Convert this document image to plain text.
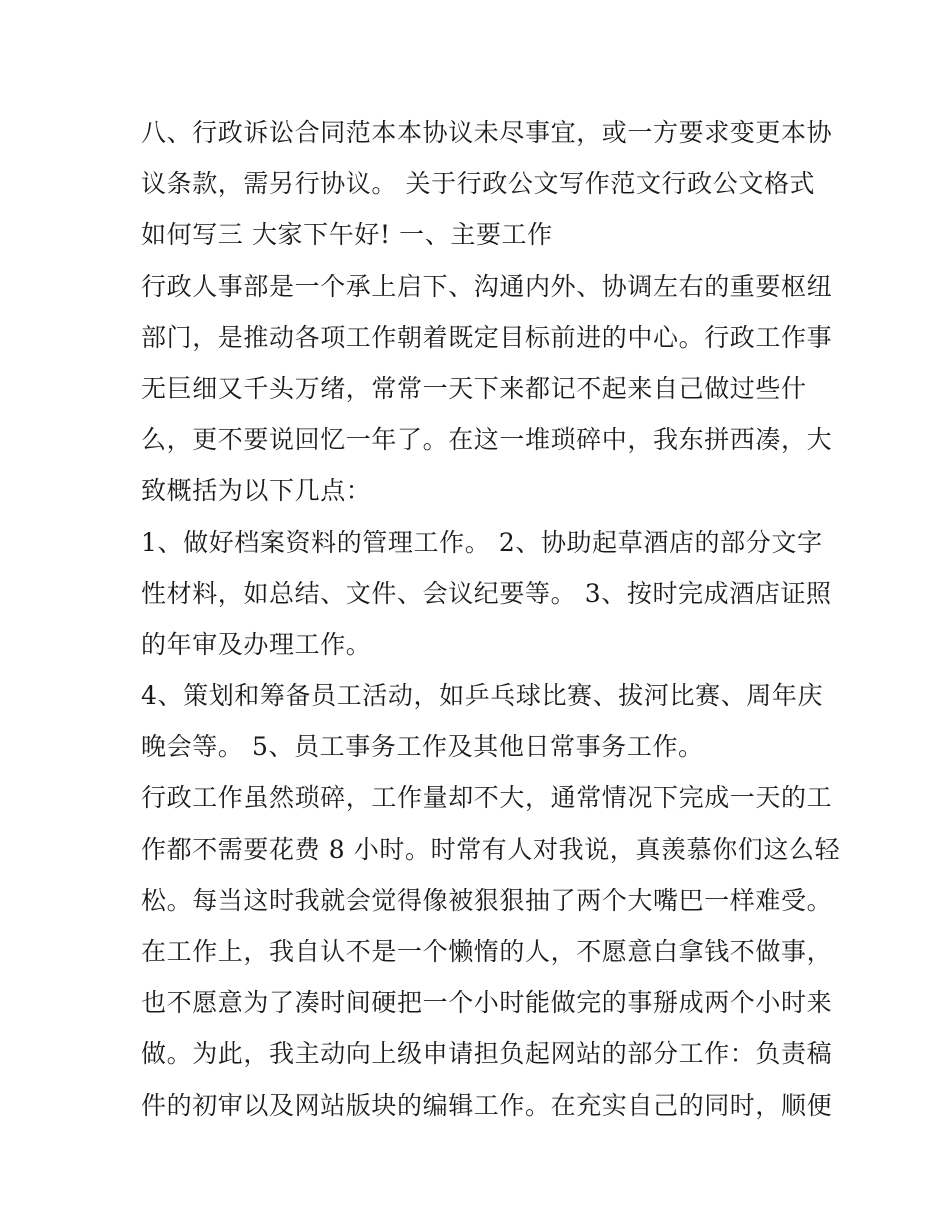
八、行政诉讼合同范本本协议未尽事宜，或一方要求变更本协
议条款，需另行协议。 关于行政公文写作范文行政公文格式
如何写三 大家下午好! 一、主要工作
行政人事部是一个承上启下、沟通内外、协调左右的重要枢纽
部门，是推动各项工作朝着既定目标前进的中心。行政工作事
无巨细又千头万绪，常常一天下来都记不起来自己做过些什
么，更不要说回忆一年了。在这一堆琐碎中，我东拼西凑，大
致概括为以下几点：
1、做好档案资料的管理工作。 2、协助起草酒店的部分文字
性材料，如总结、文件、会议纪要等。 3、按时完成酒店证照
的年审及办理工作。
4、策划和筹备员工活动，如乒乓球比赛、拔河比赛、周年庆
晚会等。 5、员工事务工作及其他日常事务工作。
行政工作虽然琐碎，工作量却不大，通常情况下完成一天的工
作都不需要花费 8 小时。时常有人对我说，真羡慕你们这么轻
松。每当这时我就会觉得像被狠狠抽了两个大嘴巴一样难受。
在工作上，我自认不是一个懒惰的人，不愿意白拿钱不做事，
也不愿意为了凑时间硬把一个小时能做完的事掰成两个小时来
做。为此，我主动向上级申请担负起网站的部分工作：负责稿
件的初审以及网站版块的编辑工作。在充实自己的同时，顺便
